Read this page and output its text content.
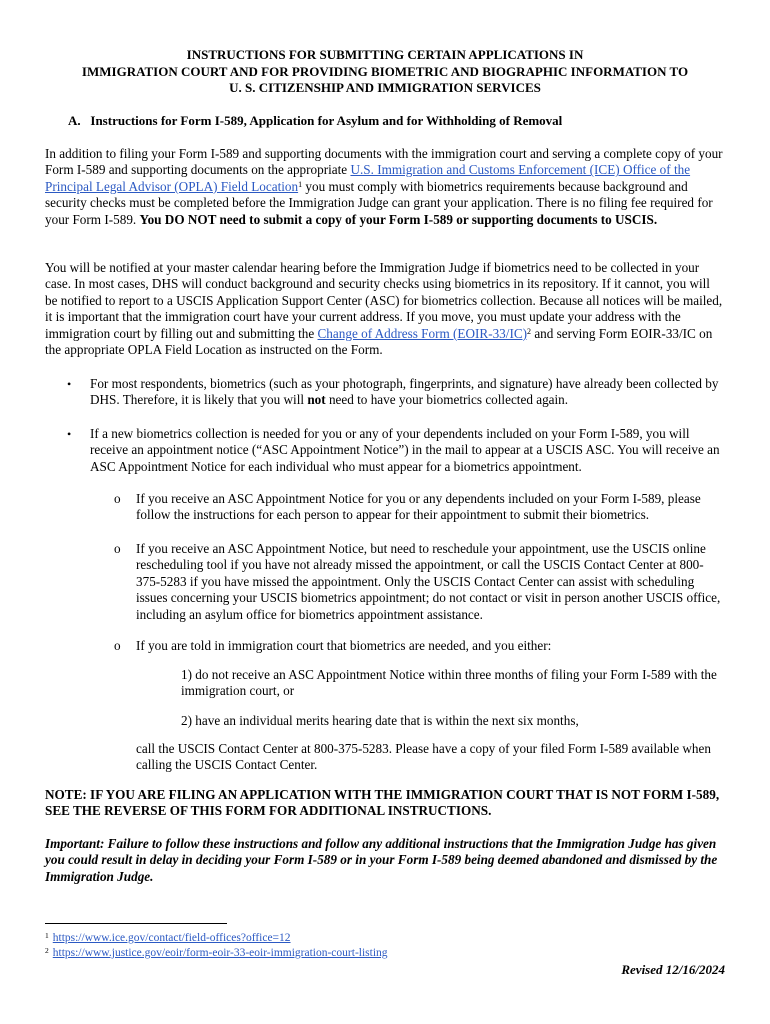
INSTRUCTIONS FOR SUBMITTING CERTAIN APPLICATIONS IN
IMMIGRATION COURT AND FOR PROVIDING BIOMETRIC AND BIOGRAPHIC INFORMATION TO
U. S. CITIZENSHIP AND IMMIGRATION SERVICES
A. Instructions for Form I-589, Application for Asylum and for Withholding of Removal

In addition to filing your Form I-589 and supporting documents with the immigration court and serving a complete copy of your Form I-589 and supporting documents on the appropriate U.S. Immigration and Customs Enforcement (ICE) Office of the Principal Legal Advisor (OPLA) Field Location$^1$ you must comply with biometrics requirements because background and security checks must be completed before the Immigration Judge can grant your application. There is no filing fee required for your Form I-589. You DO NOT need to submit a copy of your Form I-589 or supporting documents to USCIS.

You will be notified at your master calendar hearing before the Immigration Judge if biometrics need to be collected in your case. In most cases, DHS will conduct background and security checks using biometrics in its repository. If it cannot, you will be notified to report to a USCIS Application Support Center (ASC) for biometrics collection. Because all notices will be mailed, it is important that the immigration court have your current address. If you move, you must update your address with the immigration court by filling out and submitting the Change of Address Form (EOIR-33/IC)$^2$ and serving Form EOIR-33/IC on the appropriate OPLA Field Location as instructed on the Form.

• For most respondents, biometrics (such as your photograph, fingerprints, and signature) have already been collected by DHS. Therefore, it is likely that you will not need to have your biometrics collected again.
• If a new biometrics collection is needed for you or any of your dependents included on your Form I-589, you will receive an appointment notice (“ASC Appointment Notice”) in the mail to appear at a USCIS ASC. You will receive an ASC Appointment Notice for each individual who must appear for a biometrics appointment.
o If you receive an ASC Appointment Notice for you or any dependents included on your Form I-589, please follow the instructions for each person to appear for their appointment to submit their biometrics.
o If you receive an ASC Appointment Notice, but need to reschedule your appointment, use the USCIS online rescheduling tool if you have not already missed the appointment, or call the USCIS Contact Center at 800-375-5283 if you have missed the appointment. Only the USCIS Contact Center can assist with scheduling issues concerning your USCIS biometrics appointment; do not contact or visit in person another USCIS office, including an asylum office for biometrics appointment assistance.
o If you are told in immigration court that biometrics are needed, and you either:
1) do not receive an ASC Appointment Notice within three months of filing your Form I-589 with the immigration court, or
2) have an individual merits hearing date that is within the next six months,
call the USCIS Contact Center at 800-375-5283. Please have a copy of your filed Form I-589 available when calling the USCIS Contact Center.
NOTE: IF YOU ARE FILING AN APPLICATION WITH THE IMMIGRATION COURT THAT IS NOT FORM I-589, SEE THE REVERSE OF THIS FORM FOR ADDITIONAL INSTRUCTIONS.
Important: Failure to follow these instructions and follow any additional instructions that the Immigration Judge has given you could result in delay in deciding your Form I-589 or in your Form I-589 being deemed abandoned and dismissed by the Immigration Judge.
$^1$ https://www.ice.gov/contact/field-offices?office=12
$^2$ https://www.justice.gov/eoir/form-eoir-33-eoir-immigration-court-listing
Revised 12/16/2024
